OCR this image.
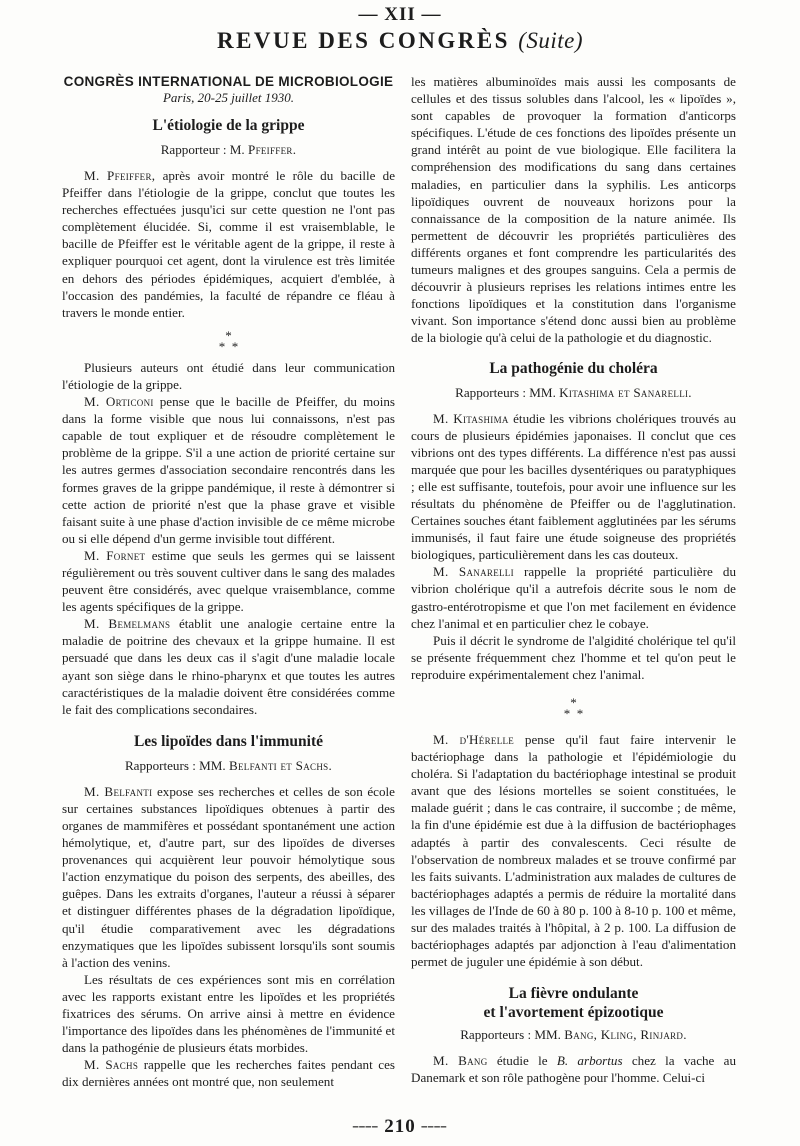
— XII —
REVUE DES CONGRÈS (Suite)
CONGRÈS INTERNATIONAL DE MICROBIOLOGIE
Paris, 20-25 juillet 1930.
L'étiologie de la grippe
Rapporteur : M. Pfeiffer.

M. Pfeiffer, après avoir montré le rôle du bacille de Pfeiffer dans l'étiologie de la grippe, conclut que toutes les recherches effectuées jusqu'ici sur cette question ne l'ont pas complètement élucidée. Si, comme il est vraisemblable, le bacille de Pfeiffer est le véritable agent de la grippe, il reste à expliquer pourquoi cet agent, dont la virulence est très limitée en dehors des périodes épidémiques, acquiert d'emblée, à l'occasion des pandémies, la faculté de répandre ce fléau à travers le monde entier.

*
*  *

Plusieurs auteurs ont étudié dans leur communication l'étiologie de la grippe.

M. Orticoni pense que le bacille de Pfeiffer, du moins dans la forme visible que nous lui connaissons, n'est pas capable de tout expliquer et de résoudre complètement le problème de la grippe. S'il a une action de priorité certaine sur les autres germes d'association secondaire rencontrés dans les formes graves de la grippe pandémique, il reste à démontrer si cette action de priorité n'est que la phase grave et visible faisant suite à une phase d'action invisible de ce même microbe ou si elle dépend d'un germe invisible tout différent.

M. Fornet estime que seuls les germes qui se laissent régulièrement ou très souvent cultiver dans le sang des malades peuvent être considérés, avec quelque vraisemblance, comme les agents spécifiques de la grippe.

M. Bemelmans établit une analogie certaine entre la maladie de poitrine des chevaux et la grippe humaine. Il est persuadé que dans les deux cas il s'agit d'une maladie locale ayant son siège dans le rhino-pharynx et que toutes les autres caractéristiques de la maladie doivent être considérées comme le fait des complications secondaires.

Les lipoïdes dans l'immunité
Rapporteurs : MM. Belfanti et Sachs.

M. Belfanti expose ses recherches et celles de son école sur certaines substances lipoïdiques obtenues à partir des organes de mammifères et possédant spontanément une action hémolytique, et, d'autre part, sur des lipoïdes de diverses provenances qui acquièrent leur pouvoir hémolytique sous l'action enzymatique du poison des serpents, des abeilles, des guêpes. Dans les extraits d'organes, l'auteur a réussi à séparer et distinguer différentes phases de la dégradation lipoïdique, qu'il étudie comparativement avec les dégradations enzymatiques que les lipoïdes subissent lorsqu'ils sont soumis à l'action des venins.

Les résultats de ces expériences sont mis en corrélation avec les rapports existant entre les lipoïdes et les propriétés fixatrices des sérums. On arrive ainsi à mettre en évidence l'importance des lipoïdes dans les phénomènes de l'immunité et dans la pathogénie de plusieurs états morbides.

M. Sachs rappelle que les recherches faites pendant ces dix dernières années ont montré que, non seulement

les matières albuminoïdes mais aussi les composants de cellules et des tissus solubles dans l'alcool, les « lipoïdes », sont capables de provoquer la formation d'anticorps spécifiques. L'étude de ces fonctions des lipoïdes présente un grand intérêt au point de vue biologique. Elle facilitera la compréhension des modifications du sang dans certaines maladies, en particulier dans la syphilis. Les anticorps lipoïdiques ouvrent de nouveaux horizons pour la connaissance de la composition de la nature animée. Ils permettent de découvrir les propriétés particulières des différents organes et font comprendre les particularités des tumeurs malignes et des groupes sanguins. Cela a permis de découvrir à plusieurs reprises les relations intimes entre les fonctions lipoïdiques et la constitution dans l'organisme vivant. Son importance s'étend donc aussi bien au problème de la biologie qu'à celui de la pathologie et du diagnostic.

La pathogénie du choléra
Rapporteurs : MM. Kitashima et Sanarelli.

M. Kitashima étudie les vibrions cholériques trouvés au cours de plusieurs épidémies japonaises. Il conclut que ces vibrions ont des types différents. La différence n'est pas aussi marquée que pour les bacilles dysentériques ou paratyphiques ; elle est suffisante, toutefois, pour avoir une influence sur les résultats du phénomène de Pfeiffer ou de l'agglutination. Certaines souches étant faiblement agglutinées par les sérums immunisés, il faut faire une étude soigneuse des propriétés biologiques, particulièrement dans les cas douteux.

M. Sanarelli rappelle la propriété particulière du vibrion cholérique qu'il a autrefois décrite sous le nom de gastro-entérotropisme et que l'on met facilement en évidence chez l'animal et en particulier chez le cobaye.

Puis il décrit le syndrome de l'algidité cholérique tel qu'il se présente fréquemment chez l'homme et tel qu'on peut le reproduire expérimentalement chez l'animal.

*
*  *

M. d'Hérelle pense qu'il faut faire intervenir le bactériophage dans la pathologie et l'épidémiologie du choléra. Si l'adaptation du bactériophage intestinal se produit avant que des lésions mortelles se soient constituées, le malade guérit ; dans le cas contraire, il succombe ; de même, la fin d'une épidémie est due à la diffusion de bactériophages adaptés à partir des convalescents. Ceci résulte de l'observation de nombreux malades et se trouve confirmé par les faits suivants. L'administration aux malades de cultures de bactériophages adaptés a permis de réduire la mortalité dans les villages de l'Inde de 60 à 80 p. 100 à 8-10 p. 100 et même, sur des malades traités à l'hôpital, à 2 p. 100. La diffusion de bactériophages adaptés par adjonction à l'eau d'alimentation permet de juguler une épidémie à son début.

La fièvre ondulante
et l'avortement épizootique
Rapporteurs : MM. Bang, Kling, Rinjard.

M. Bang étudie le B. arbortus chez la vache au Danemark et son rôle pathogène pour l'homme. Celui-ci

━━━━ 210 ━━━━
